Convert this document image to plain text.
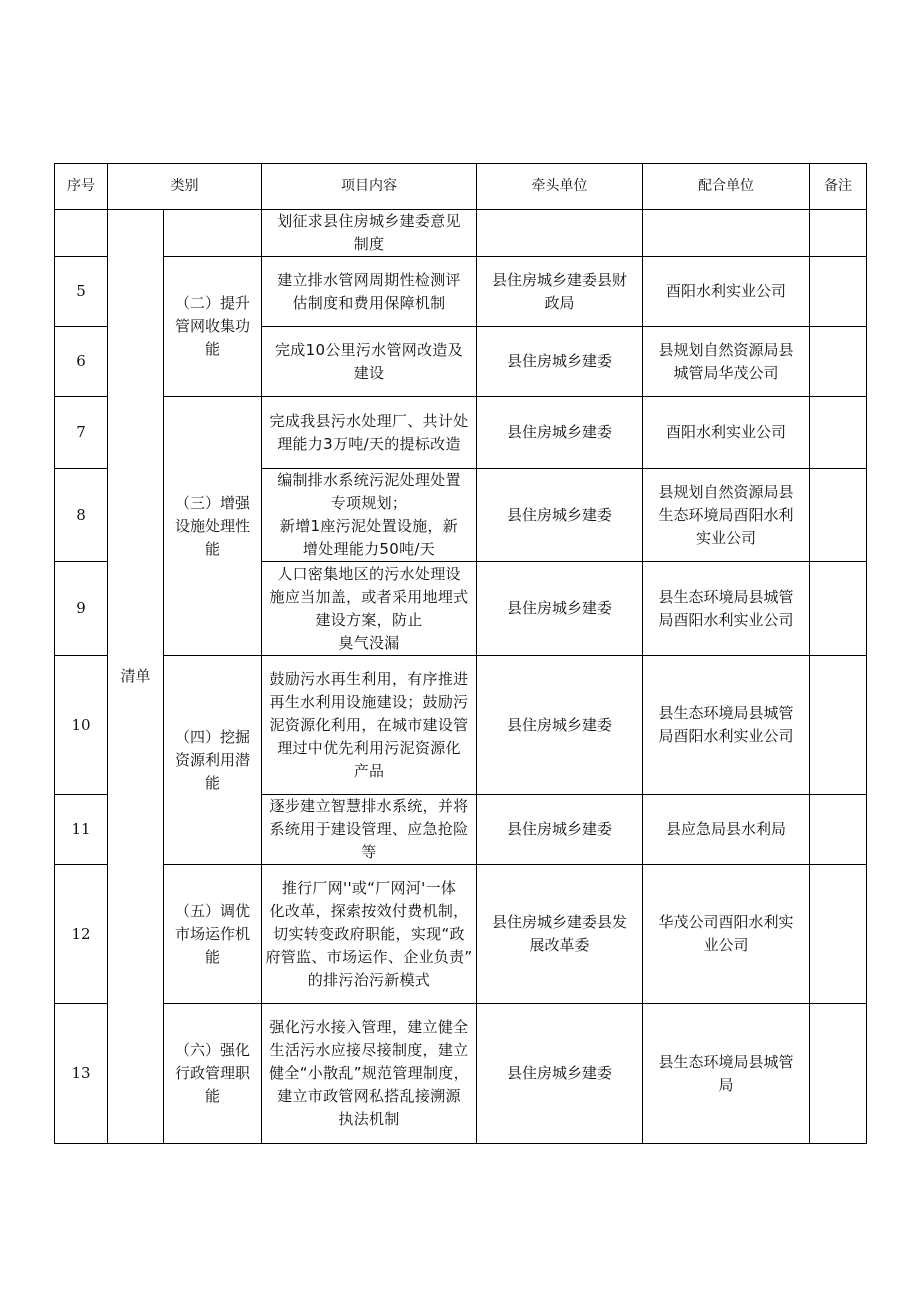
序号	类别		项目内容	牵头单位	配合单位	备注
	清单		划征求县住房城乡建委意见
制度			

5		（二）提升
管网收集功
能	建立排水管网周期性检测评
估制度和费用保障机制	县住房城乡建委县财
政局	酉阳水利实业公司	

6			完成10公里污水管网改造及
建设	县住房城乡建委	县规划自然资源局县
城管局华茂公司	

7		（三）增强
设施处理性
能	完成我县污水处理厂、共计处
理能力3万吨/天的提标改造	县住房城乡建委	酉阳水利实业公司	

8			编制排水系统污泥处理处置
专项规划；
新增1座污泥处置设施，新
增处理能力50吨/天	县住房城乡建委	县规划自然资源局县
生态环境局酉阳水利
实业公司	

9			人口密集地区的污水处理设
施应当加盖，或者采用地埋式
建设方案，防止
臭气没漏	县住房城乡建委	县生态环境局县城管
局酉阳水利实业公司	

10		（四）挖掘
资源利用潜
能	鼓励污水再生利用，有序推进
再生水利用设施建设；鼓励污
泥资源化利用，在城市建设管
理过中优先利用污泥资源化
产品	县住房城乡建委	县生态环境局县城管
局酉阳水利实业公司	

11			逐步建立智慧排水系统，并将
系统用于建设管理、应急抢险
等	县住房城乡建委	县应急局县水利局	

12		（五）调优
市场运作机
能	推行厂网''或“厂网河'一体
化改革，探索按效付费机制，
切实转变政府职能，实现“政
府管监、市场运作、企业负责”
的排污治污新模式	县住房城乡建委县发
展改革委	华茂公司酉阳水利实
业公司	

13		（六）强化
行政管理职
能	强化污水接入管理，建立健全
生活污水应接尽接制度，建立
健全“小散乱”规范管理制度，
建立市政管网私搭乱接溯源
执法机制	县住房城乡建委	县生态环境局县城管
局	
